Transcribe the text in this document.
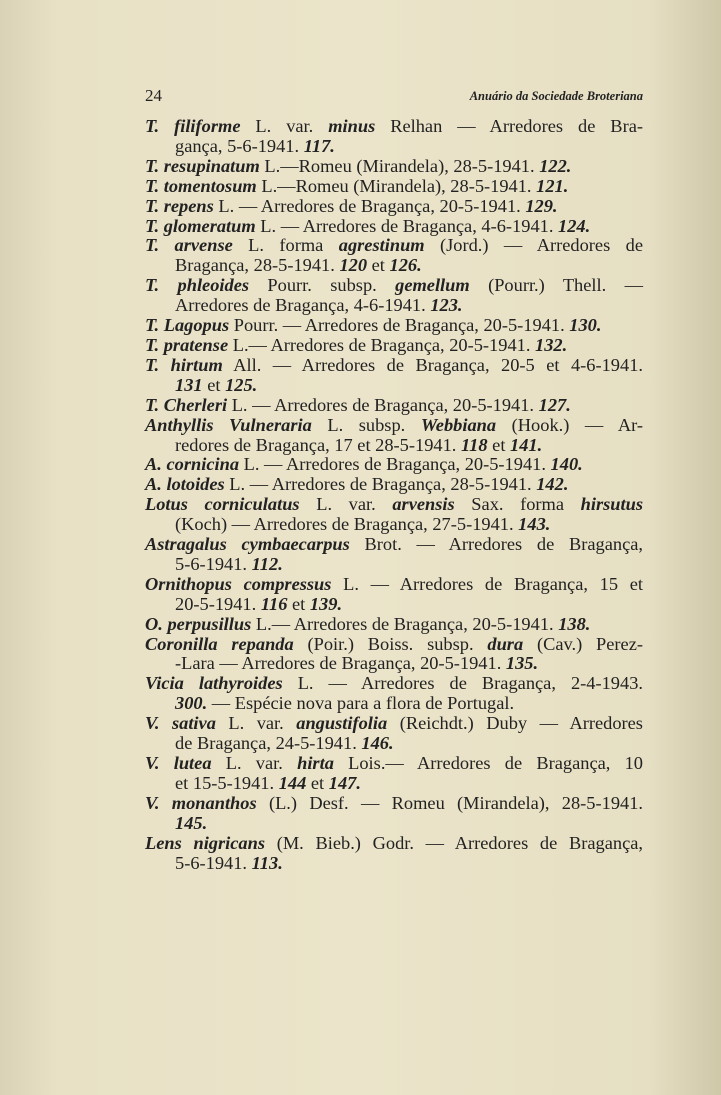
24	Anuário da Sociedade Broteriana
T. filiforme L. var. minus Relhan — Arredores de Bra-
gança, 5-6-1941. 117.
T. resupinatum L.—Romeu (Mirandela), 28-5-1941. 122.
T. tomentosum L.—Romeu (Mirandela), 28-5-1941. 121.
T. repens L. — Arredores de Bragança, 20-5-1941. 129.
T. glomeratum L. — Arredores de Bragança, 4-6-1941. 124.
T. arvense L. forma agrestinum (Jord.) — Arredores de
Bragança, 28-5-1941. 120 et 126.
T. phleoides Pourr. subsp. gemellum (Pourr.) Thell. —
Arredores de Bragança, 4-6-1941. 123.
T. Lagopus Pourr. — Arredores de Bragança, 20-5-1941. 130.
T. pratense L.— Arredores de Bragança, 20-5-1941. 132.
T. hirtum All. — Arredores de Bragança, 20-5 et 4-6-1941.
131 et 125.
T. Cherleri L. — Arredores de Bragança, 20-5-1941. 127.
Anthyllis Vulneraria L. subsp. Webbiana (Hook.) — Ar-
redores de Bragança, 17 et 28-5-1941. 118 et 141.
A. cornicina L. — Arredores de Bragança, 20-5-1941. 140.
A. lotoides L. — Arredores de Bragança, 28-5-1941. 142.
Lotus corniculatus L. var. arvensis Sax. forma hirsutus
(Koch) — Arredores de Bragança, 27-5-1941. 143.
Astragalus cymbaecarpus Brot. — Arredores de Bragança,
5-6-1941. 112.
Ornithopus compressus L. — Arredores de Bragança, 15 et
20-5-1941. 116 et 139.
O. perpusillus L.— Arredores de Bragança, 20-5-1941. 138.
Coronilla repanda (Poir.) Boiss. subsp. dura (Cav.) Perez-
-Lara — Arredores de Bragança, 20-5-1941. 135.
Vicia lathyroides L. — Arredores de Bragança, 2-4-1943.
300. — Espécie nova para a flora de Portugal.
V. sativa L. var. angustifolia (Reichdt.) Duby — Arredores
de Bragança, 24-5-1941. 146.
V. lutea L. var. hirta Lois.— Arredores de Bragança, 10
et 15-5-1941. 144 et 147.
V. monanthos (L.) Desf. — Romeu (Mirandela), 28-5-1941.
145.
Lens nigricans (M. Bieb.) Godr. — Arredores de Bragança,
5-6-1941. 113.
